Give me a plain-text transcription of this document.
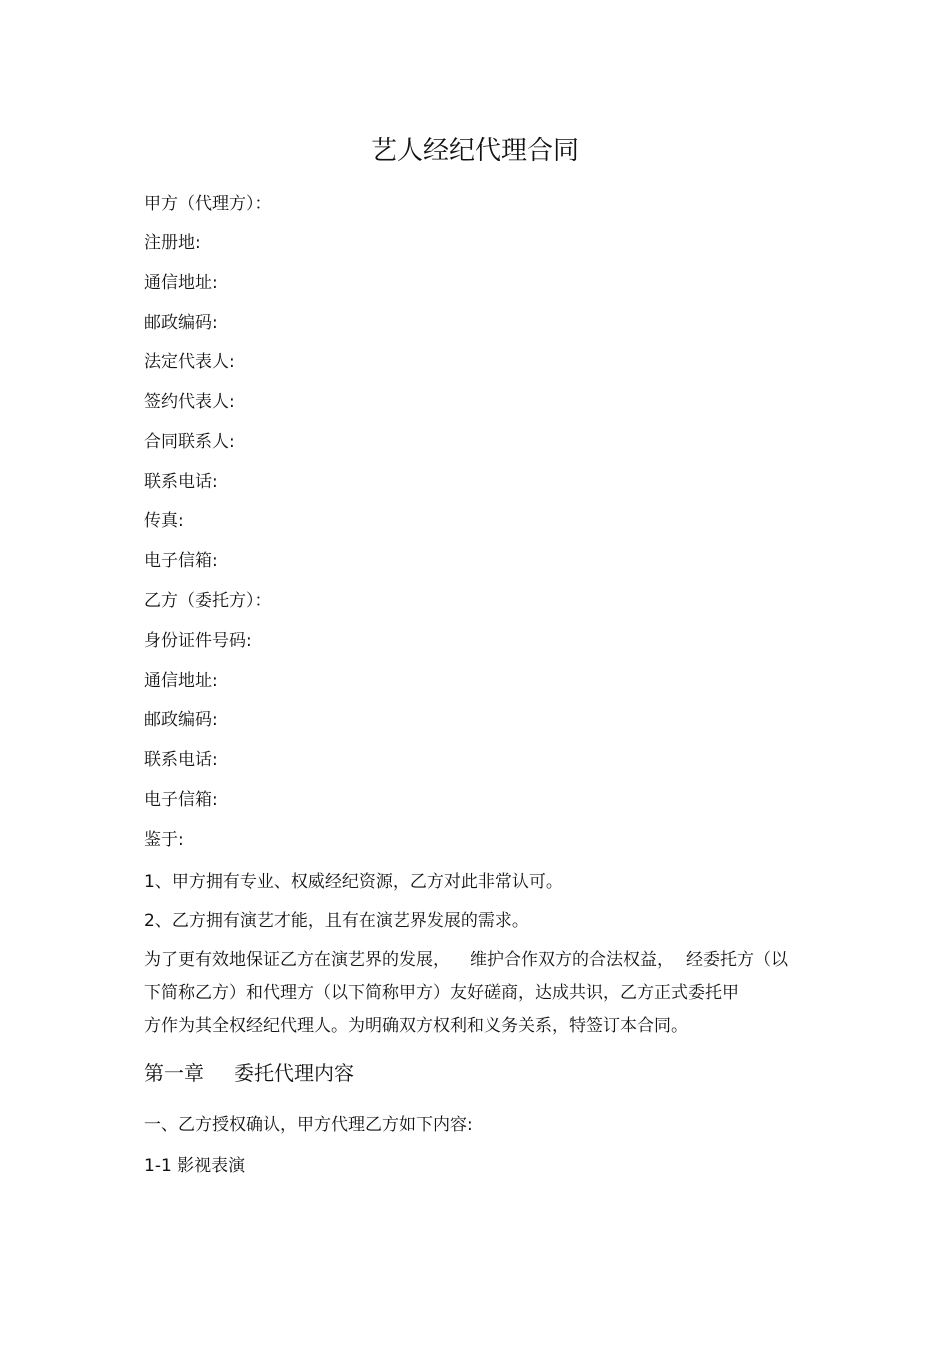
艺人经纪代理合同
甲方（代理方）：
注册地:
通信地址:
邮政编码:
法定代表人:
签约代表人:
合同联系人:
联系电话:
传真:
电子信箱:
乙方（委托方）：
身份证件号码:
通信地址:
邮政编码:
联系电话:
电子信箱:
鉴于:
1、甲方拥有专业、权威经纪资源，乙方对此非常认可。
2、乙方拥有演艺才能，且有在演艺界发展的需求。
为了更有效地保证乙方在演艺界的发展， 维护合作双方的合法权益， 经委托方（以
下简称乙方）和代理方（以下简称甲方）友好磋商，达成共识，乙方正式委托甲
方作为其全权经纪代理人。为明确双方权利和义务关系，特签订本合同。
第一章 委托代理内容
一、乙方授权确认，甲方代理乙方如下内容:
1-1 影视表演
